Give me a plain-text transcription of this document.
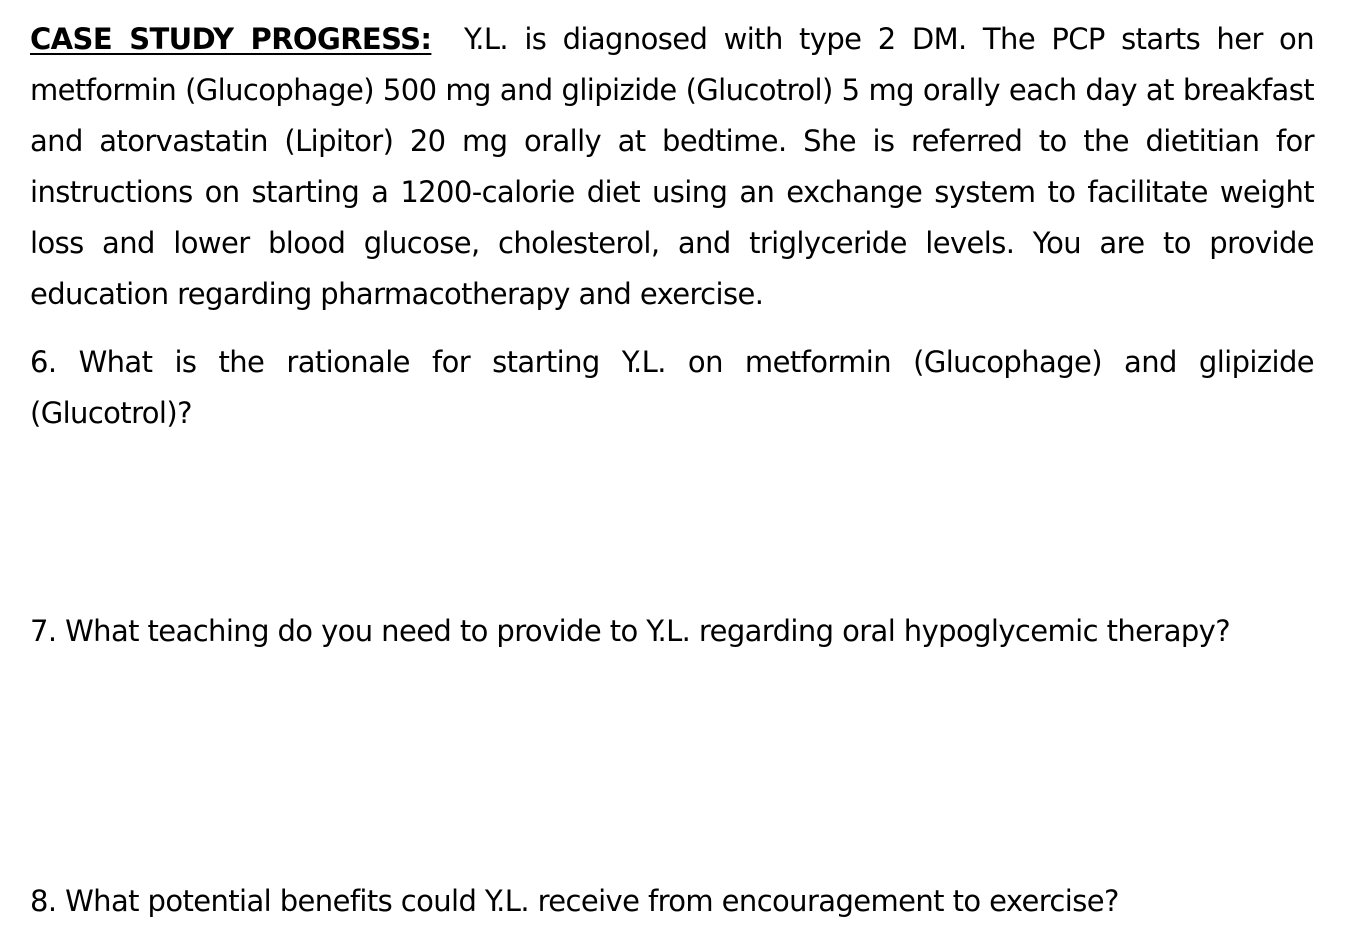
CASE STUDY PROGRESS: Y.L. is diagnosed with type 2 DM. The PCP starts her on metformin (Glucophage) 500 mg and glipizide (Glucotrol) 5 mg orally each day at breakfast and atorvastatin (Lipitor) 20 mg orally at bedtime. She is referred to the dietitian for instructions on starting a 1200-calorie diet using an exchange system to facilitate weight loss and lower blood glucose, cholesterol, and triglyceride levels. You are to provide education regarding pharmacotherapy and exercise.

6. What is the rationale for starting Y.L. on metformin (Glucophage) and glipizide (Glucotrol)?

7. What teaching do you need to provide to Y.L. regarding oral hypoglycemic therapy?

8. What potential benefits could Y.L. receive from encouragement to exercise?
